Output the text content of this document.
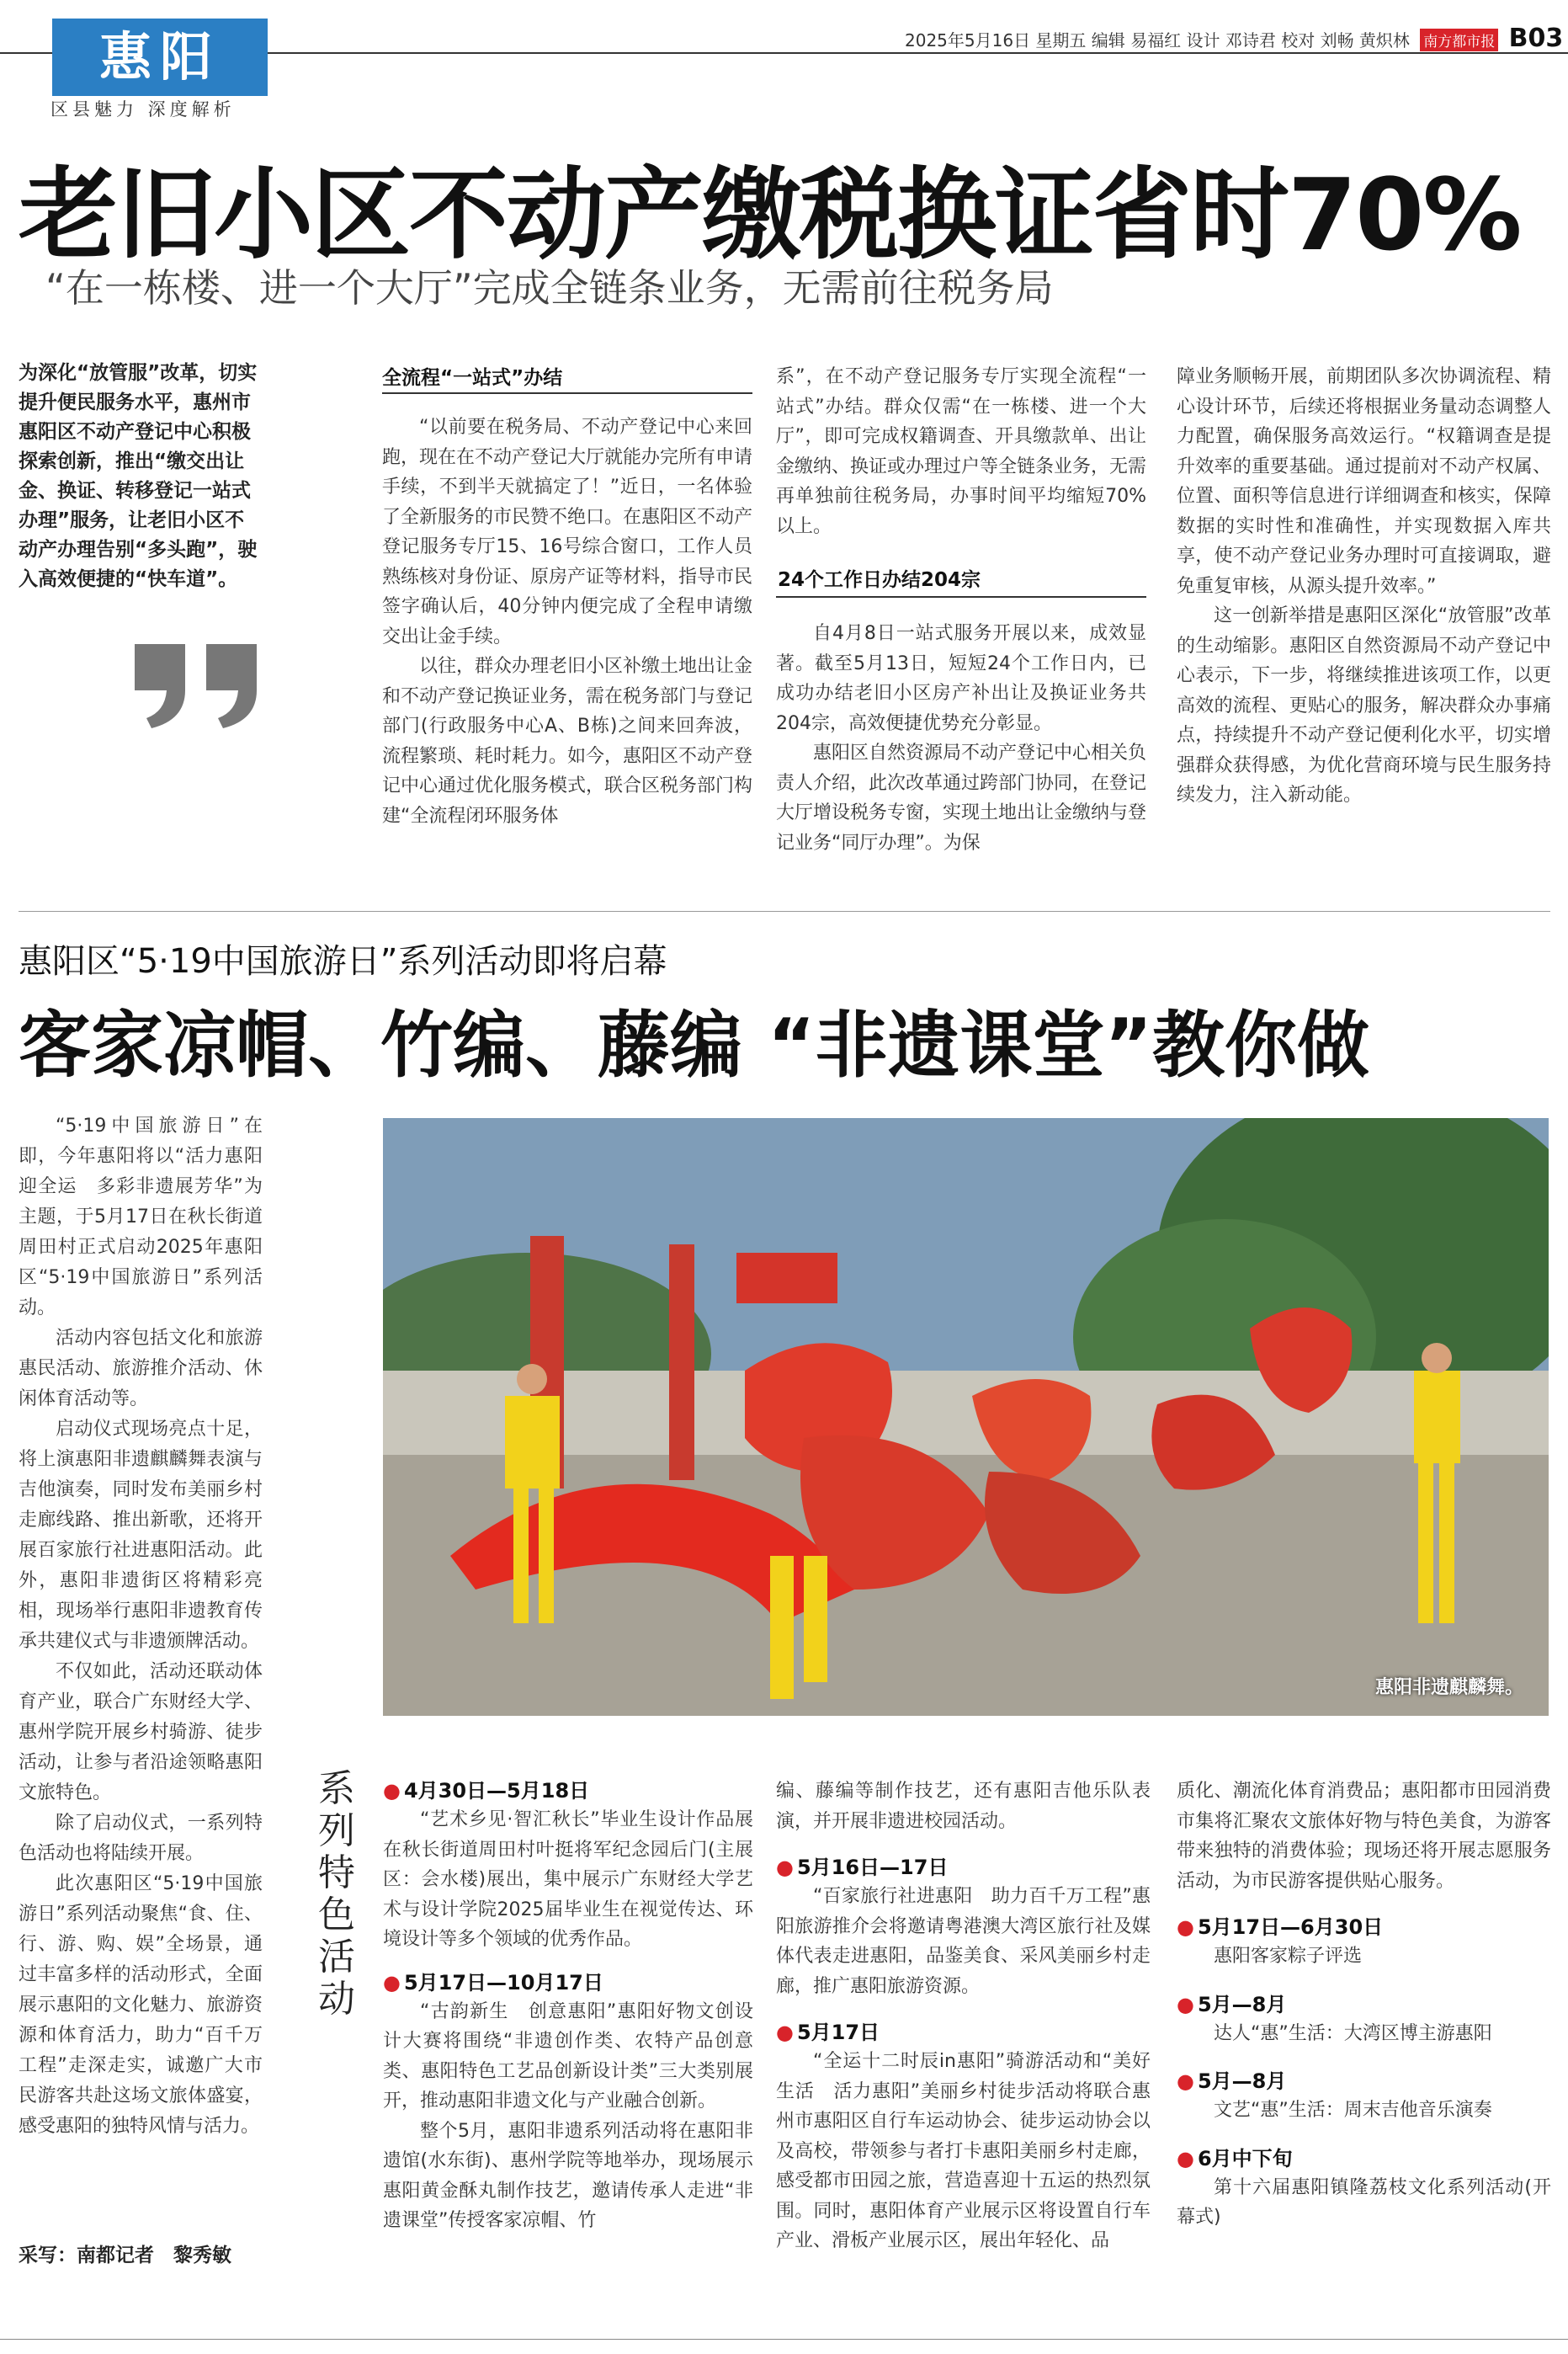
惠阳
区县魅力 深度解析
2025年5月16日 星期五 编辑 易福红 设计 邓诗君 校对 刘畅 黄炽林 南方都市报 B03
老旧小区不动产缴税换证省时70%
“在一栋楼、进一个大厅”完成全链条业务，无需前往税务局
为深化“放管服”改革，切实提升便民服务水平，惠州市惠阳区不动产登记中心积极探索创新，推出“缴交出让金、换证、转移登记一站式办理”服务，让老旧小区不动产办理告别“多头跑”，驶入高效便捷的“快车道”。
全流程“一站式”办结

“以前要在税务局、不动产登记中心来回跑，现在在不动产登记大厅就能办完所有申请手续，不到半天就搞定了！”近日，一名体验了全新服务的市民赞不绝口。在惠阳区不动产登记服务专厅15、16号综合窗口，工作人员熟练核对身份证、原房产证等材料，指导市民签字确认后，40分钟内便完成了全程申请缴交出让金手续。

以往，群众办理老旧小区补缴土地出让金和不动产登记换证业务，需在税务部门与登记部门(行政服务中心A、B栋)之间来回奔波，流程繁琐、耗时耗力。如今，惠阳区不动产登记中心通过优化服务模式，联合区税务部门构建“全流程闭环服务体

系”，在不动产登记服务专厅实现全流程“一站式”办结。群众仅需“在一栋楼、进一个大厅”，即可完成权籍调查、开具缴款单、出让金缴纳、换证或办理过户等全链条业务，无需再单独前往税务局，办事时间平均缩短70%以上。

24个工作日办结204宗

自4月8日一站式服务开展以来，成效显著。截至5月13日，短短24个工作日内，已成功办结老旧小区房产补出让及换证业务共204宗，高效便捷优势充分彰显。

惠阳区自然资源局不动产登记中心相关负责人介绍，此次改革通过跨部门协同，在登记大厅增设税务专窗，实现土地出让金缴纳与登记业务“同厅办理”。为保

障业务顺畅开展，前期团队多次协调流程、精心设计环节，后续还将根据业务量动态调整人力配置，确保服务高效运行。“权籍调查是提升效率的重要基础。通过提前对不动产权属、位置、面积等信息进行详细调查和核实，保障数据的实时性和准确性，并实现数据入库共享，使不动产登记业务办理时可直接调取，避免重复审核，从源头提升效率。”

这一创新举措是惠阳区深化“放管服”改革的生动缩影。惠阳区自然资源局不动产登记中心表示，下一步，将继续推进该项工作，以更高效的流程、更贴心的服务，解决群众办事痛点，持续提升不动产登记便利化水平，切实增强群众获得感，为优化营商环境与民生服务持续发力，注入新动能。

惠阳区“5·19中国旅游日”系列活动即将启幕
客家凉帽、竹编、藤编 “非遗课堂”教你做

“5·19中国旅游日”在即，今年惠阳将以“活力惠阳迎全运　多彩非遗展芳华”为主题，于5月17日在秋长街道周田村正式启动2025年惠阳区“5·19中国旅游日”系列活动。

活动内容包括文化和旅游惠民活动、旅游推介活动、休闲体育活动等。

启动仪式现场亮点十足，将上演惠阳非遗麒麟舞表演与吉他演奏，同时发布美丽乡村走廊线路、推出新歌，还将开展百家旅行社进惠阳活动。此外，惠阳非遗街区将精彩亮相，现场举行惠阳非遗教育传承共建仪式与非遗颁牌活动。

不仅如此，活动还联动体育产业，联合广东财经大学、惠州学院开展乡村骑游、徒步活动，让参与者沿途领略惠阳文旅特色。

除了启动仪式，一系列特色活动也将陆续开展。

此次惠阳区“5·19中国旅游日”系列活动聚焦“食、住、行、游、购、娱”全场景，通过丰富多样的活动形式，全面展示惠阳的文化魅力、旅游资源和体育活力，助力“百千万工程”走深走实，诚邀广大市民游客共赴这场文旅体盛宴，感受惠阳的独特风情与活力。

采写：南都记者　黎秀敏
惠阳非遗麒麟舞。
系列特色活动
● 4月30日—5月18日
“艺术乡见·智汇秋长”毕业生设计作品展在秋长街道周田村叶挺将军纪念园后门(主展区：会水楼)展出，集中展示广东财经大学艺术与设计学院2025届毕业生在视觉传达、环境设计等多个领域的优秀作品。
● 5月17日—10月17日
“古韵新生　创意惠阳”惠阳好物文创设计大赛将围绕“非遗创作类、农特产品创意类、惠阳特色工艺品创新设计类”三大类别展开，推动惠阳非遗文化与产业融合创新。
整个5月，惠阳非遗系列活动将在惠阳非遗馆(水东街)、惠州学院等地举办，现场展示惠阳黄金酥丸制作技艺，邀请传承人走进“非遗课堂”传授客家凉帽、竹
编、藤编等制作技艺，还有惠阳吉他乐队表演，并开展非遗进校园活动。
● 5月16日—17日
“百家旅行社进惠阳　助力百千万工程”惠阳旅游推介会将邀请粤港澳大湾区旅行社及媒体代表走进惠阳，品鉴美食、采风美丽乡村走廊，推广惠阳旅游资源。
● 5月17日
“全运十二时辰in惠阳”骑游活动和“美好生活　活力惠阳”美丽乡村徒步活动将联合惠州市惠阳区自行车运动协会、徒步运动协会以及高校，带领参与者打卡惠阳美丽乡村走廊，感受都市田园之旅，营造喜迎十五运的热烈氛围。同时，惠阳体育产业展示区将设置自行车产业、滑板产业展示区，展出年轻化、品
质化、潮流化体育消费品；惠阳都市田园消费市集将汇聚农文旅体好物与特色美食，为游客带来独特的消费体验；现场还将开展志愿服务活动，为市民游客提供贴心服务。
● 5月17日—6月30日
惠阳客家粽子评选
● 5月—8月
达人“惠”生活：大湾区博主游惠阳
● 5月—8月
文艺“惠”生活：周末吉他音乐演奏
● 6月中下旬
第十六届惠阳镇隆荔枝文化系列活动(开幕式)
